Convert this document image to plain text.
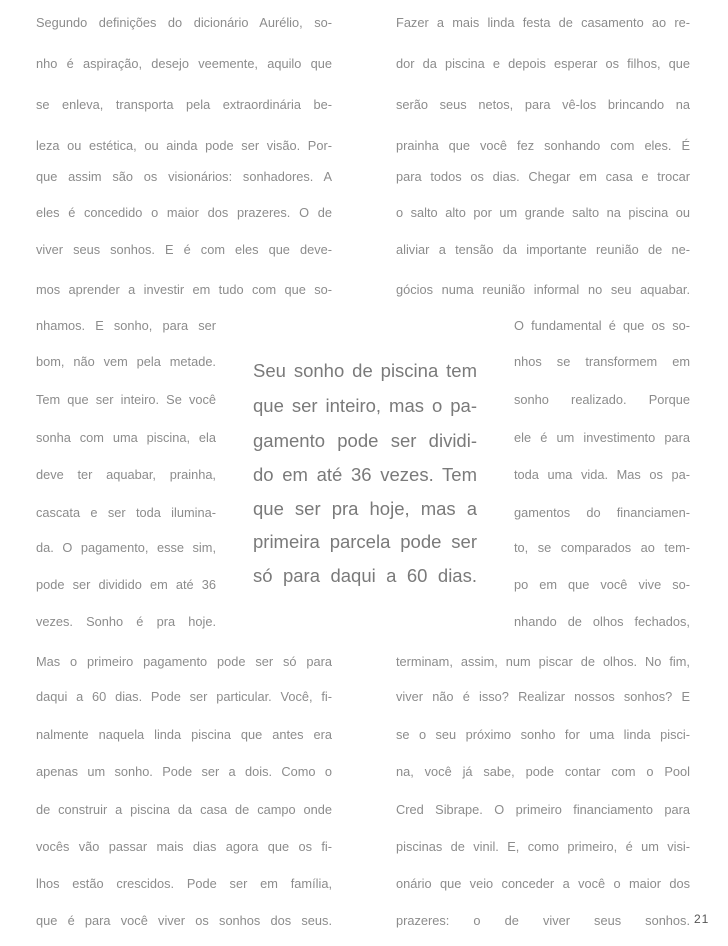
Segundo definições do dicionário Aurélio, so-
nho é aspiração, desejo veemente, aquilo que
se enleva, transporta pela extraordinária be-
leza ou estética, ou ainda pode ser visão. Por-
que assim são os visionários: sonhadores. A
eles é concedido o maior dos prazeres. O de
viver seus sonhos. E é com eles que deve-
mos aprender a investir em tudo com que so-
Fazer a mais linda festa de casamento ao re-
dor da piscina e depois esperar os filhos, que
serão seus netos, para vê-los brincando na
prainha que você fez sonhando com eles. É
para todos os dias. Chegar em casa e trocar
o salto alto por um grande salto na piscina ou
aliviar a tensão da importante reunião de ne-
gócios numa reunião informal no seu aquabar.
nhamos. E sonho, para ser
bom, não vem pela metade.
Tem que ser inteiro. Se você
sonha com uma piscina, ela
deve ter aquabar, prainha,
cascata e ser toda ilumina-
da. O pagamento, esse sim,
pode ser dividido em até 36
vezes. Sonho é pra hoje.
Seu sonho de piscina tem
que ser inteiro, mas o pa-
gamento pode ser dividi-
do em até 36 vezes. Tem
que ser pra hoje, mas a
primeira parcela pode ser
só para daqui a 60 dias.
O fundamental é que os so-
nhos se transformem em
sonho realizado. Porque
ele é um investimento para
toda uma vida. Mas os pa-
gamentos do financiamen-
to, se comparados ao tem-
po em que você vive so-
nhando de olhos fechados,
Mas o primeiro pagamento pode ser só para
daqui a 60 dias. Pode ser particular. Você, fi-
nalmente naquela linda piscina que antes era
apenas um sonho. Pode ser a dois. Como o
de construir a piscina da casa de campo onde
vocês vão passar mais dias agora que os fi-
lhos estão crescidos. Pode ser em família,
que é para você viver os sonhos dos seus.
terminam, assim, num piscar de olhos. No fim,
viver não é isso? Realizar nossos sonhos? E
se o seu próximo sonho for uma linda pisci-
na, você já sabe, pode contar com o Pool
Cred Sibrape. O primeiro financiamento para
piscinas de vinil. E, como primeiro, é um visi-
onário que veio conceder a você o maior dos
prazeres: o de viver seus sonhos. 21
